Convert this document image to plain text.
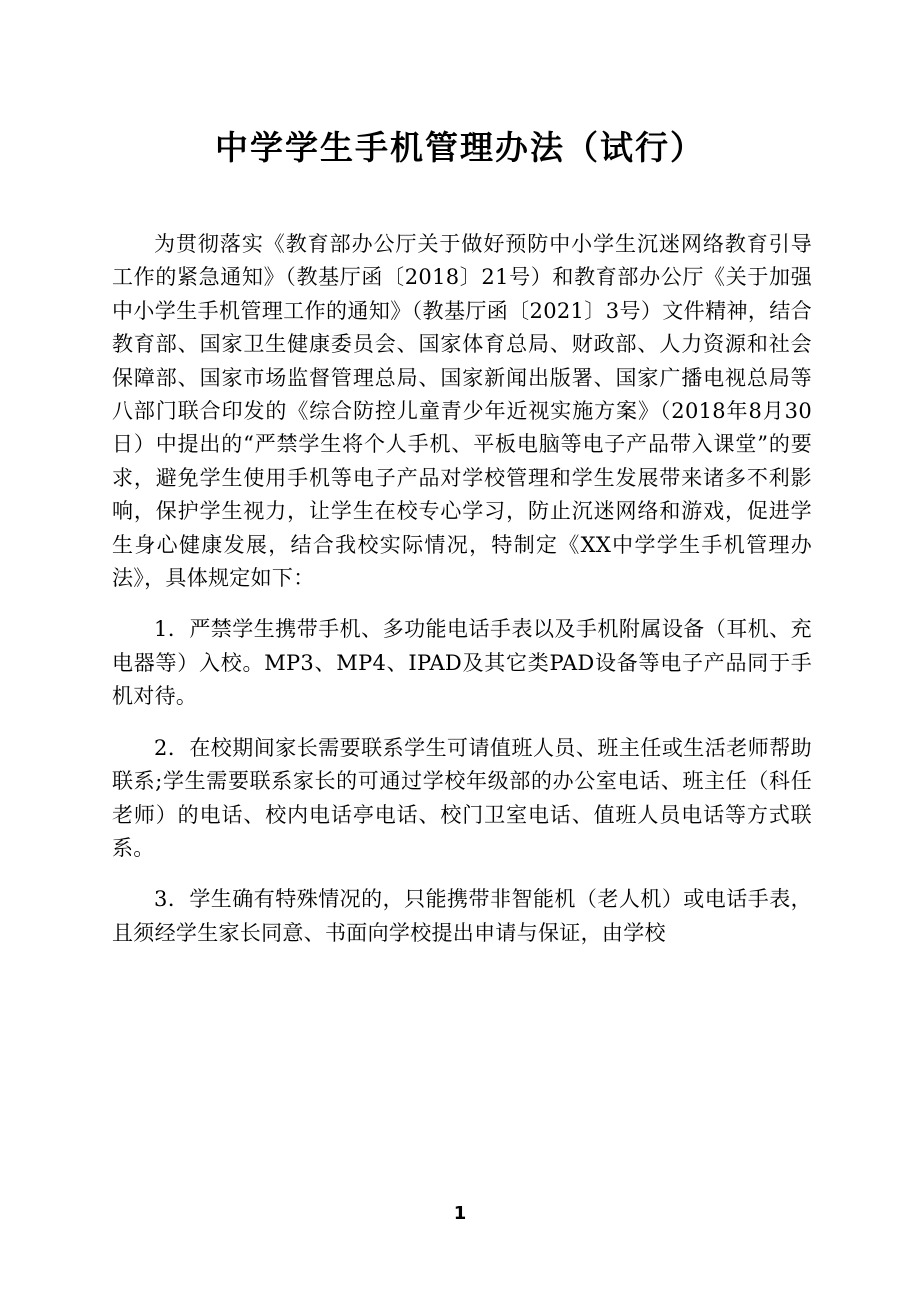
中学学生手机管理办法（试行）

为贯彻落实《教育部办公厅关于做好预防中小学生沉迷网络教育引导工作的紧急通知》（教基厅函〔2018〕21号）和教育部办公厅《关于加强中小学生手机管理工作的通知》（教基厅函〔2021〕3号）文件精神，结合教育部、国家卫生健康委员会、国家体育总局、财政部、人力资源和社会保障部、国家市场监督管理总局、国家新闻出版署、国家广播电视总局等八部门联合印发的《综合防控儿童青少年近视实施方案》（2018年8月30日）中提出的“严禁学生将个人手机、平板电脑等电子产品带入课堂”的要求，避免学生使用手机等电子产品对学校管理和学生发展带来诸多不利影响，保护学生视力，让学生在校专心学习，防止沉迷网络和游戏，促进学生身心健康发展，结合我校实际情况，特制定《XX中学学生手机管理办法》，具体规定如下：

1．严禁学生携带手机、多功能电话手表以及手机附属设备（耳机、充电器等）入校。MP3、MP4、IPAD及其它类PAD设备等电子产品同于手机对待。

2．在校期间家长需要联系学生可请值班人员、班主任或生活老师帮助联系;学生需要联系家长的可通过学校年级部的办公室电话、班主任（科任老师）的电话、校内电话亭电话、校门卫室电话、值班人员电话等方式联系。

3．学生确有特殊情况的，只能携带非智能机（老人机）或电话手表，且须经学生家长同意、书面向学校提出申请与保证，由学校

1
